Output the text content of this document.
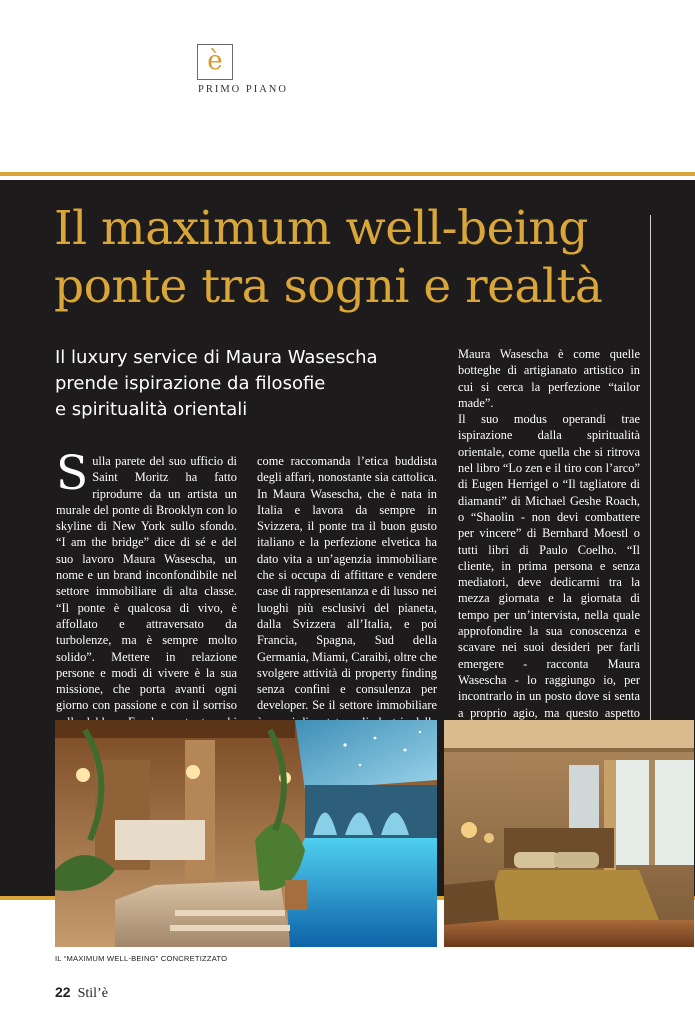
è
PRIMO PIANO
Il maximum well-being
ponte tra sogni e realtà
Il luxury service di Maura Wasescha
prende ispirazione da filosofie
e spiritualità orientali
Sulla parete del suo ufficio di Saint Moritz ha fatto riprodurre da un artista un murale del ponte di Brooklyn con lo skyline di New York sullo sfondo. “I am the bridge” dice di sé e del suo lavoro Maura Wasescha, un nome e un brand inconfondibile nel settore immobiliare di alta classe. “Il ponte è qualcosa di vivo, è affollato e attraversato da turbolenze, ma è sempre molto solido”. Mettere in relazione persone e modi di vivere è la sua missione, che porta avanti ogni giorno con passione e con il sorriso

come raccomanda l’etica buddista degli affari, nonostante sia cattolica. In Maura Wasescha, che è nata in Italia e lavora da sempre in Svizzera, il ponte tra il buon gusto italiano e la perfezione elvetica ha dato vita a un’agenzia immobiliare che si occupa di affittare e vendere case di rappresentanza e di lusso nei luoghi più esclusivi del pianeta, dalla Svizzera all’Italia, e poi Francia, Spagna, Sud della Germania, Miami, Caraibi, oltre che svolgere attività di property finding senza confini e consulenza per developer. Se il settore immobiliare

Maura Wasescha è come quelle botteghe di artigianato artistico in cui si cerca la perfezione “tailor made”.

Il suo modus operandi trae ispirazione dalla spiritualità orientale, come quella che si ritrova nel libro “Lo zen e il tiro con l’arco” di Eugen Herrigel o “Il tagliatore di diamanti” di Michael Geshe Roach, o “Shaolin - non devi combattere per vincere” di Bernhard Moestl o tutti libri di Paulo Coelho. “Il cliente, in prima persona e senza mediatori, deve dedicarmi tra la mezza giornata e la giornata di tempo per un’intervista, nella quale approfondire la sua conoscenza e scavare nei suoi desideri per farli emergere - racconta Maura Wasescha - lo raggiungo io, per incontrarlo in un posto dove si senta a proprio agio, ma questo aspetto

IL “MAXIMUM WELL-BEING” CONCRETIZZATO
22 Stil’è
